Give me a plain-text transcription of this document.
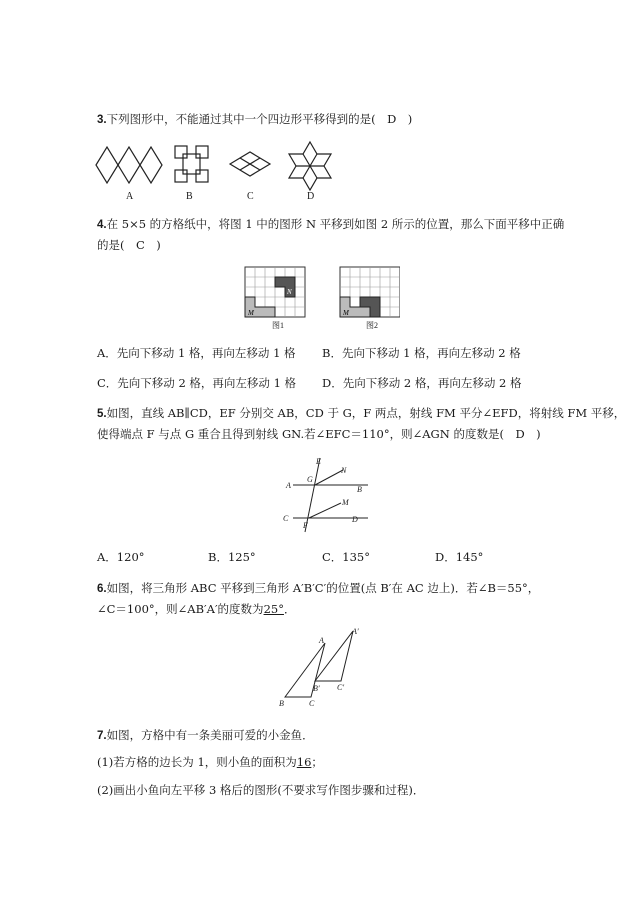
3.下列图形中，不能通过其中一个四边形平移得到的是(　D　)
A	B	C	D
4.在 5×5 的方格纸中，将图 1 中的图形 N 平移到如图 2 所示的位置，那么下面平移中正确
的是(　C　)
N
M	M
图1	图2
A．先向下移动 1 格，再向左移动 1 格 B．先向下移动 1 格，再向左移动 2 格
C．先向下移动 2 格，再向左移动 1 格 D．先向下移动 2 格，再向左移动 2 格
5.如图，直线 AB∥CD，EF 分别交 AB，CD 于 G，F 两点，射线 FM 平分∠EFD，将射线 FM 平移，
使得端点 F 与点 G 重合且得到射线 GN.若∠EFC＝110°，则∠AGN 的度数是(　D　)
E
N
A
G
B
M
C
F
D
A．120°	B．125°	C．135°	D．145°
6.如图，将三角形 ABC 平移到三角形 A′B′C′的位置(点 B′在 AC 边上)．若∠B＝55°，
∠C＝100°，则∠AB′A′的度数为25°．
A
A′
B	C
B′ C′
7.如图，方格中有一条美丽可爱的小金鱼．
(1)若方格的边长为 1，则小鱼的面积为16；
(2)画出小鱼向左平移 3 格后的图形(不要求写作图步骤和过程)．
